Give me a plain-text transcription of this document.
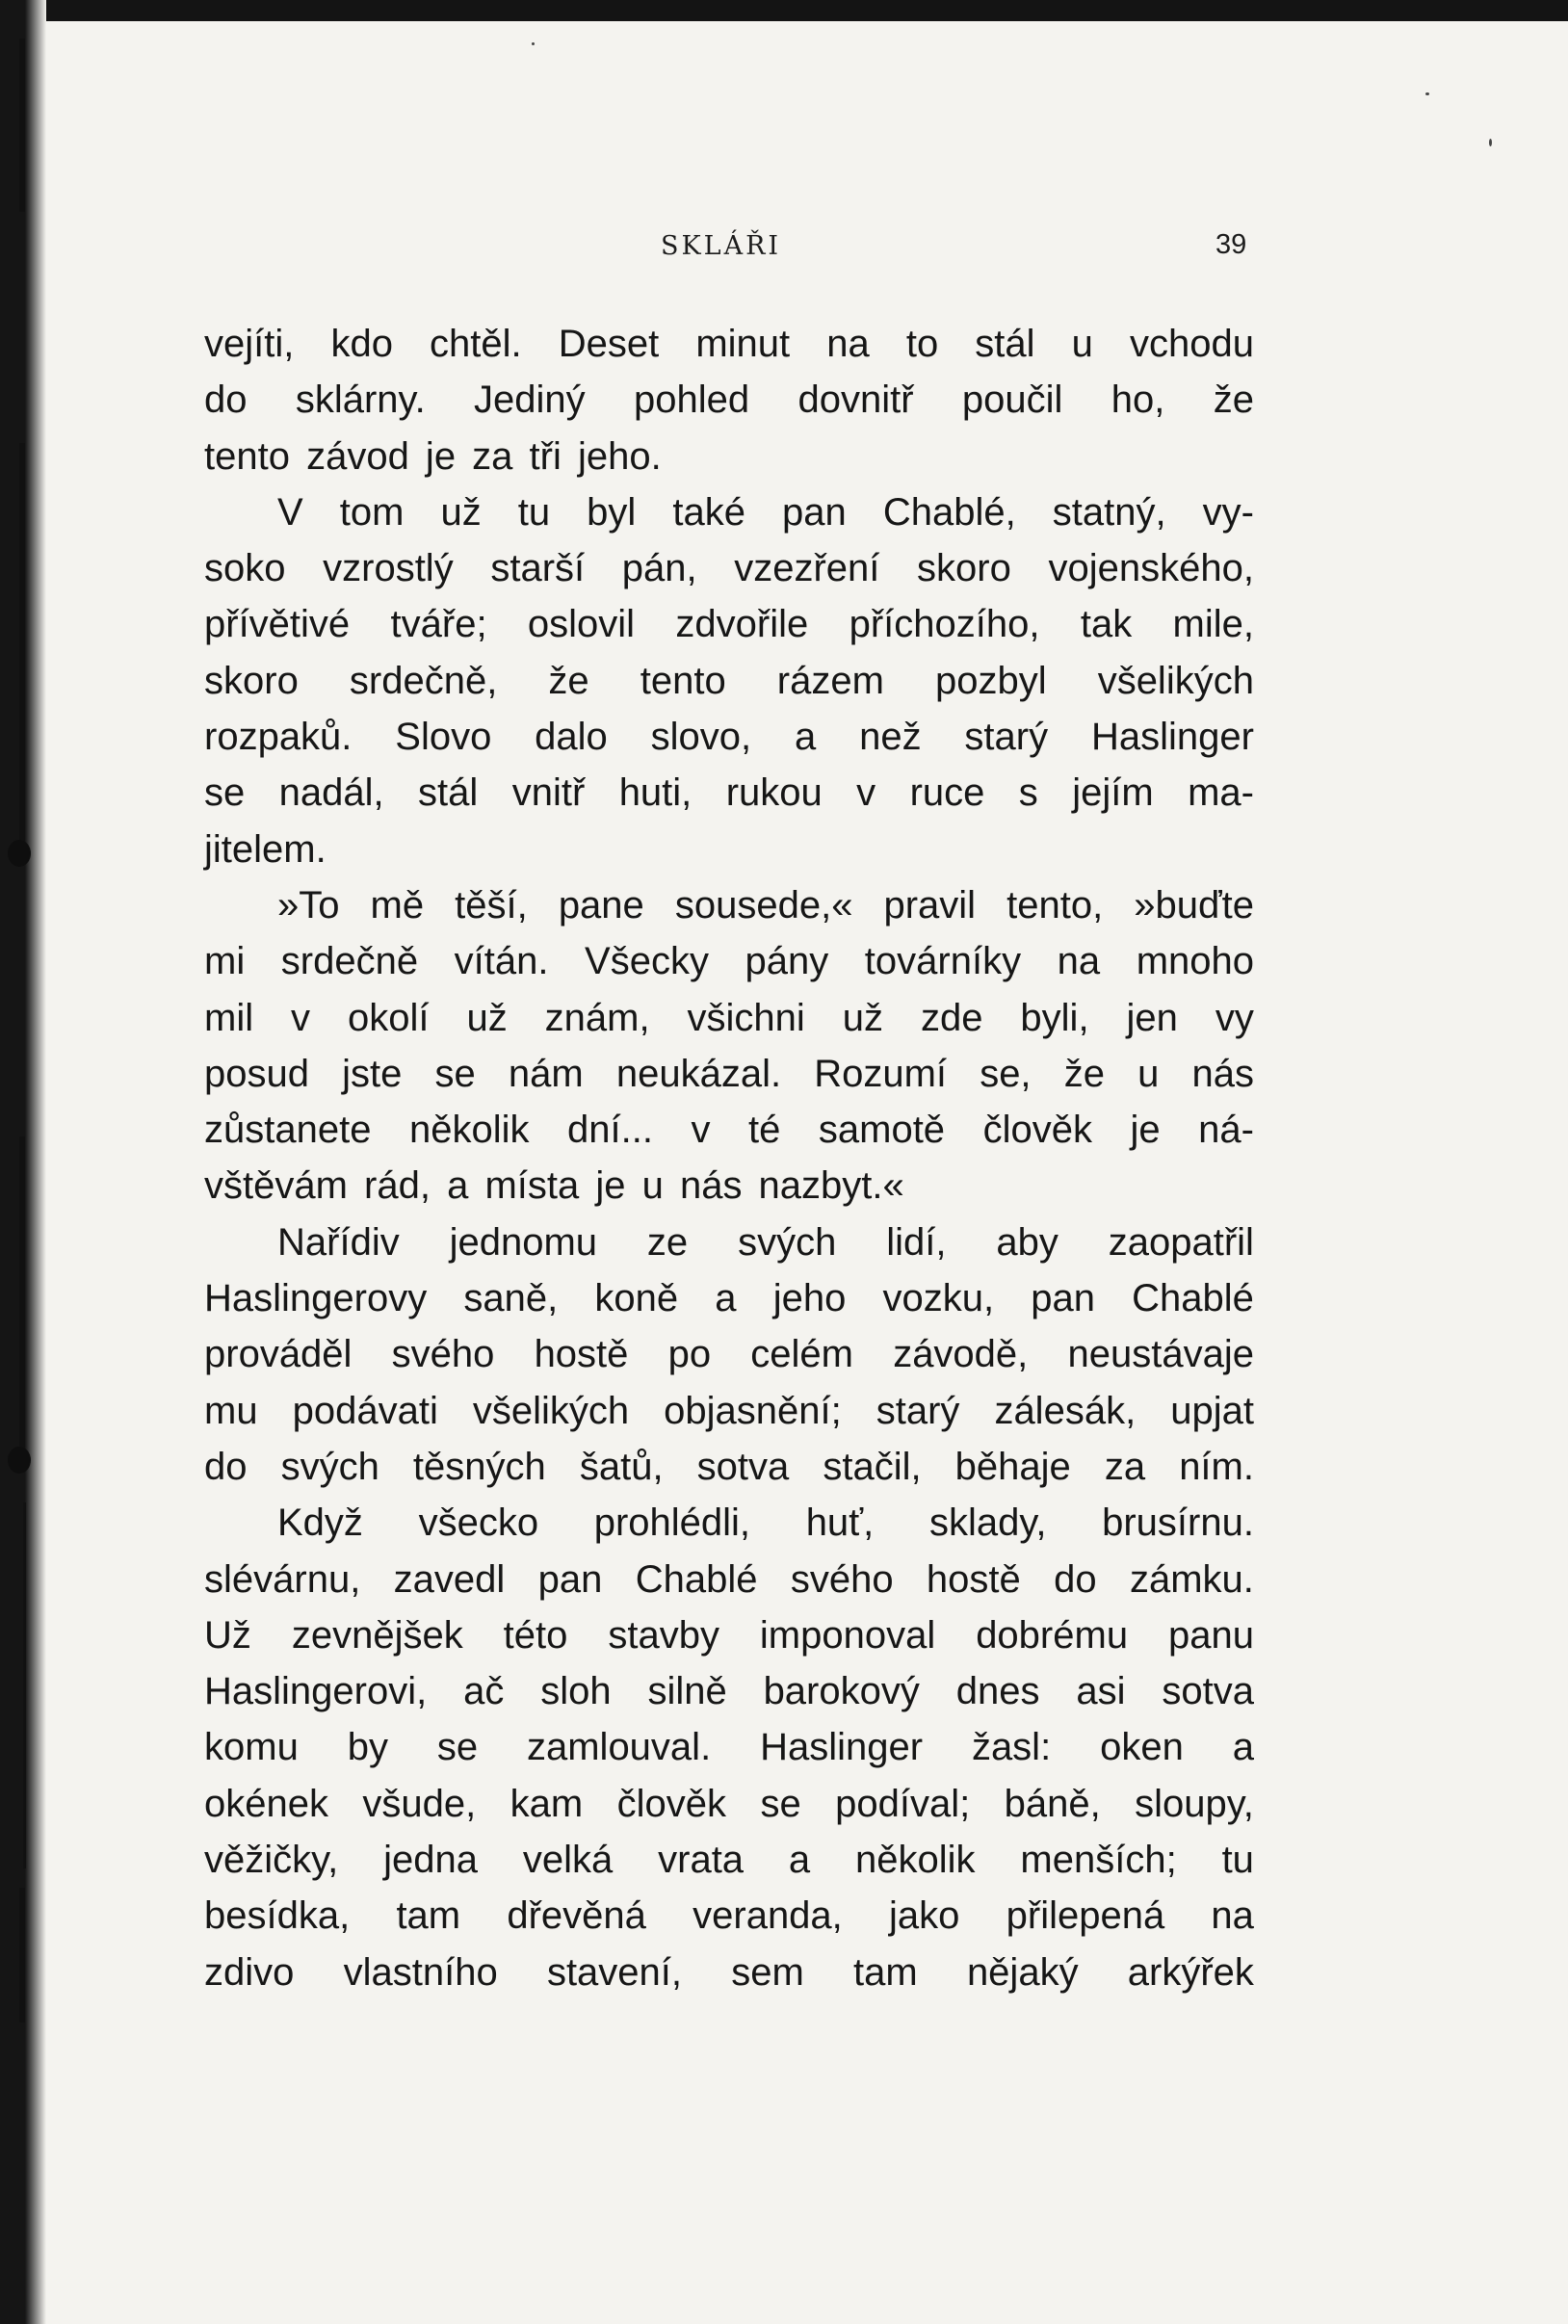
SKLÁŘI	39
vejíti, kdo chtěl. Deset minut na to stál u vchodu
do sklárny. Jediný pohled dovnitř poučil ho, že
tento závod je za tři jeho.
V tom už tu byl také pan Chablé, statný, vy-
soko vzrostlý starší pán, vzezření skoro vojenského,
přívětivé tváře; oslovil zdvořile příchozího, tak mile,
skoro srdečně, že tento rázem pozbyl všelikých
rozpaků. Slovo dalo slovo, a než starý Haslinger
se nadál, stál vnitř huti, rukou v ruce s jejím ma-
jitelem.
»To mě těší, pane sousede,« pravil tento, »buďte
mi srdečně vítán. Všecky pány továrníky na mnoho
mil v okolí už znám, všichni už zde byli, jen vy
posud jste se nám neukázal. Rozumí se, že u nás
zůstanete několik dní... v té samotě člověk je ná-
vštěvám rád, a místa je u nás nazbyt.«
Nařídiv jednomu ze svých lidí, aby zaopatřil
Haslingerovy saně, koně a jeho vozku, pan Chablé
prováděl svého hostě po celém závodě, neustávaje
mu podávati všelikých objasnění; starý zálesák, upjat
do svých těsných šatů, sotva stačil, běhaje za ním.
Když všecko prohlédli, huť, sklady, brusírnu.
slévárnu, zavedl pan Chablé svého hostě do zámku.
Už zevnějšek této stavby imponoval dobrému panu
Haslingerovi, ač sloh silně barokový dnes asi sotva
komu by se zamlouval. Haslinger žasl: oken a
okének všude, kam člověk se podíval; báně, sloupy,
věžičky, jedna velká vrata a několik menších; tu
besídka, tam dřevěná veranda, jako přilepená na
zdivo vlastního stavení, sem tam nějaký arkýřek
